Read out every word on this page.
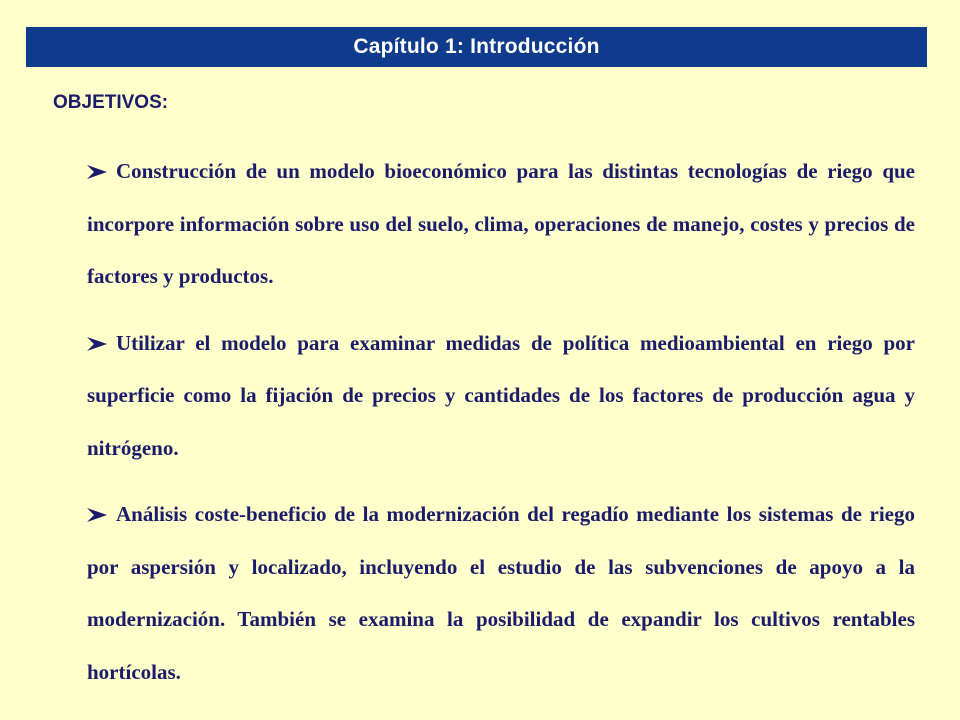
Capítulo 1: Introducción
OBJETIVOS:
Construcción de un modelo bioeconómico para las distintas tecnologías de riego que incorpore información sobre uso del suelo, clima, operaciones de manejo, costes y precios de factores y productos.
Utilizar el modelo para examinar medidas de política medioambiental en riego por superficie como la fijación de precios y cantidades de los factores de producción agua y nitrógeno.
Análisis coste-beneficio de la modernización del regadío mediante los sistemas de riego por aspersión y localizado, incluyendo el estudio de las subvenciones de apoyo a la modernización. También se examina la posibilidad de expandir los cultivos rentables hortícolas.
